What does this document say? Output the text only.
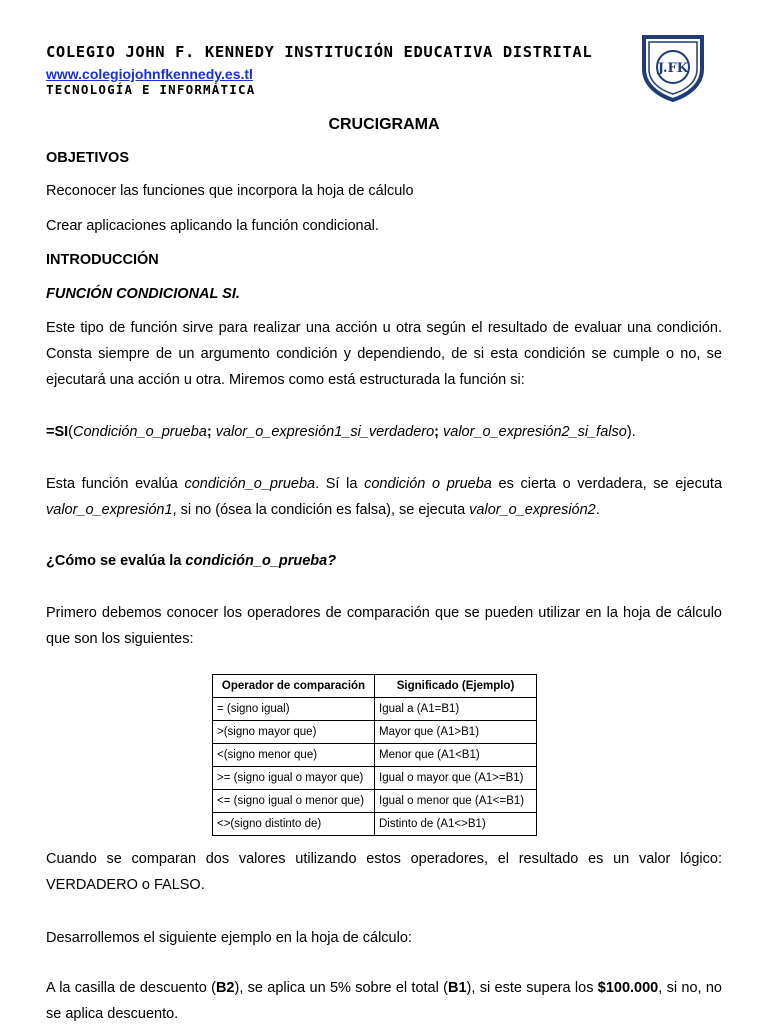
COLEGIO JOHN F. KENNEDY INSTITUCIÓN EDUCATIVA DISTRITAL
www.colegiojohnfkennedy.es.tl
TECNOLOGÍA E INFORMÁTICA
J.FK
CRUCIGRAMA
OBJETIVOS
Reconocer las funciones que incorpora la hoja de cálculo
Crear aplicaciones aplicando la función condicional.
INTRODUCCIÓN
FUNCIÓN CONDICIONAL SI.
Este tipo de función sirve para realizar una acción u otra según el resultado de evaluar una condición. Consta siempre de un argumento condición y dependiendo, de si esta condición se cumple o no, se ejecutará una acción u otra. Miremos como está estructurada la función si:
=SI(Condición_o_prueba; valor_o_expresión1_si_verdadero; valor_o_expresión2_si_falso).
Esta función evalúa condición_o_prueba. Sí la condición o prueba es cierta o verdadera, se ejecuta valor_o_expresión1, si no (ósea la condición es falsa), se ejecuta valor_o_expresión2.
¿Cómo se evalúa la condición_o_prueba?
Primero debemos conocer los operadores de comparación que se pueden utilizar en la hoja de cálculo que son los siguientes:
Operador de comparación	Significado (Ejemplo)
= (signo igual)	Igual a (A1=B1)
>(signo mayor que)	Mayor que (A1>B1)
<(signo menor que)	Menor que (A1<B1)
>= (signo igual o mayor que)	Igual o mayor que (A1>=B1)
<= (signo igual o menor que)	Igual o menor que (A1<=B1)
<>(signo distinto de)	Distinto de (A1<>B1)
Cuando se comparan dos valores utilizando estos operadores, el resultado es un valor lógico: VERDADERO o FALSO.
Desarrollemos el siguiente ejemplo en la hoja de cálculo:
A la casilla de descuento (B2), se aplica un 5% sobre el total (B1), si este supera los $100.000, si no, no se aplica descuento.
